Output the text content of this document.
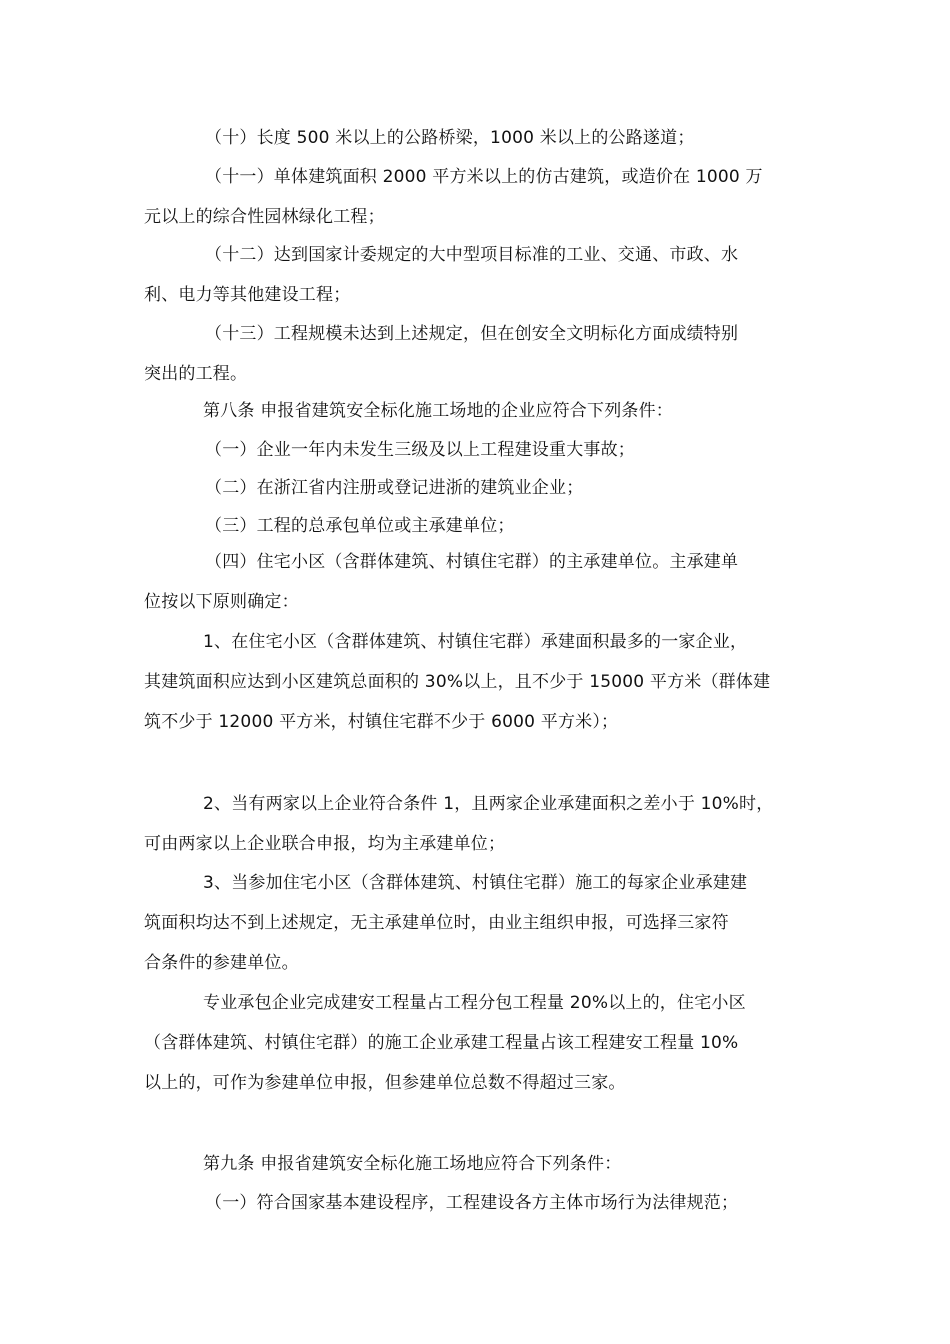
（十）长度 500 米以上的公路桥梁，1000 米以上的公路遂道；
（十一）单体建筑面积 2000 平方米以上的仿古建筑，或造价在 1000 万
元以上的综合性园林绿化工程；
（十二）达到国家计委规定的大中型项目标准的工业、交通、市政、水
利、电力等其他建设工程；
（十三）工程规模未达到上述规定，但在创安全文明标化方面成绩特别
突出的工程。
第八条 申报省建筑安全标化施工场地的企业应符合下列条件：
（一）企业一年内未发生三级及以上工程建设重大事故；
（二）在浙江省内注册或登记进浙的建筑业企业；
（三）工程的总承包单位或主承建单位；
（四）住宅小区（含群体建筑、村镇住宅群）的主承建单位。主承建单
位按以下原则确定：
1、在住宅小区（含群体建筑、村镇住宅群）承建面积最多的一家企业，
其建筑面积应达到小区建筑总面积的 30%以上，且不少于 15000 平方米（群体建
筑不少于 12000 平方米，村镇住宅群不少于 6000 平方米）；
2、当有两家以上企业符合条件 1，且两家企业承建面积之差小于 10%时，
可由两家以上企业联合申报，均为主承建单位；
3、当参加住宅小区（含群体建筑、村镇住宅群）施工的每家企业承建建
筑面积均达不到上述规定，无主承建单位时，由业主组织申报，可选择三家符
合条件的参建单位。
专业承包企业完成建安工程量占工程分包工程量 20%以上的，住宅小区
（含群体建筑、村镇住宅群）的施工企业承建工程量占该工程建安工程量 10%
以上的，可作为参建单位申报，但参建单位总数不得超过三家。
第九条 申报省建筑安全标化施工场地应符合下列条件：
（一）符合国家基本建设程序，工程建设各方主体市场行为法律规范；
